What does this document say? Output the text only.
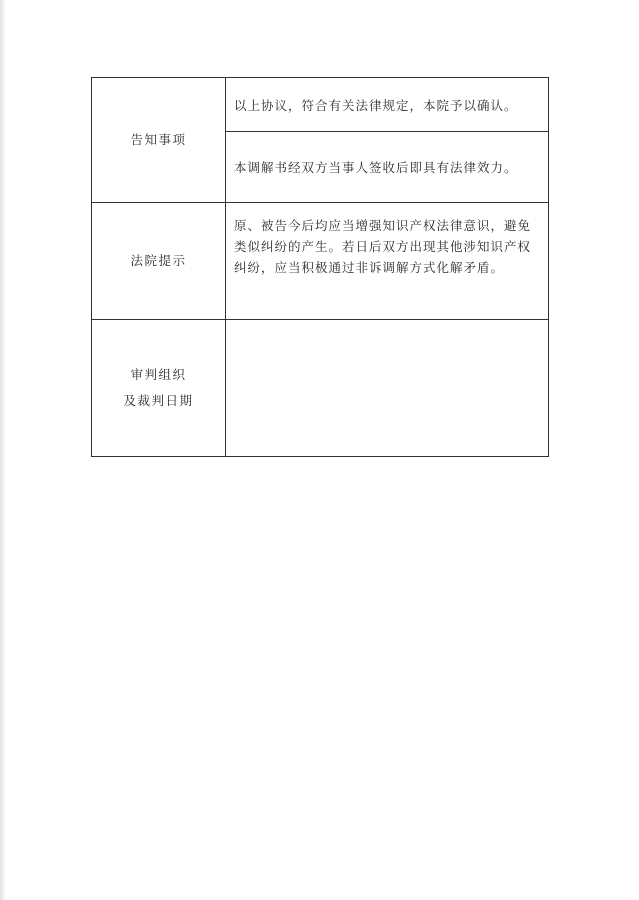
告知事项	以上协议，符合有关法律规定，本院予以确认。
	本调解书经双方当事人签收后即具有法律效力。
法院提示	原、被告今后均应当增强知识产权法律意识，避免类似纠纷的产生。若日后双方出现其他涉知识产权纠纷，应当积极通过非诉调解方式化解矛盾。

审判组织
及裁判日期	
